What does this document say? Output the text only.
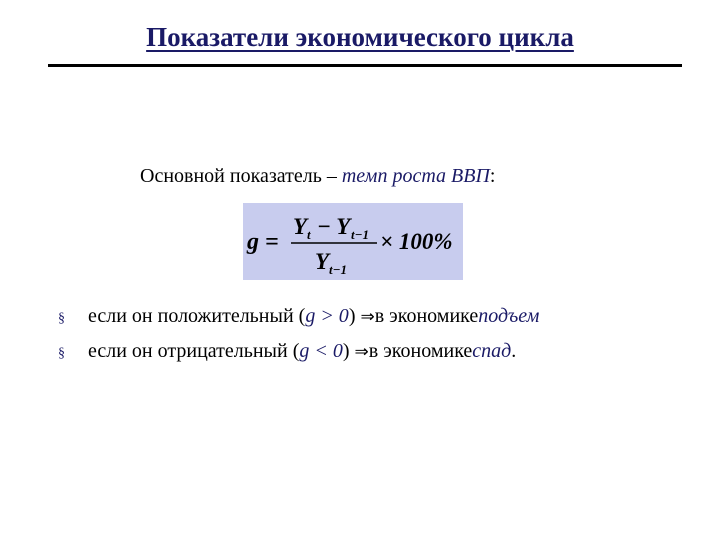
Показатели экономического цикла
Основной показатель – темп роста ВВП:
g =
Y t − Y t−1
Y t−1
× 100%
§	если он положительный ( g > 0 )
⇒ в экономике подъем
§	если он отрицательный ( g < 0 )
⇒ в экономике спад .
